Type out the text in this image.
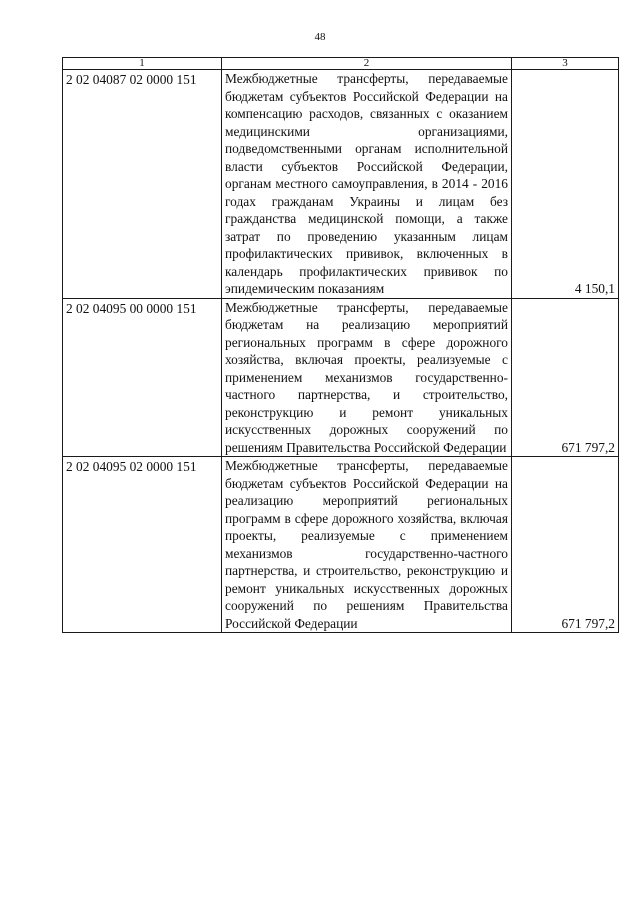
48
1	2	3
2 02 04087 02 0000 151	Межбюджетные трансферты, передаваемые бюджетам субъектов Российской Федерации на компенсацию расходов, связанных с оказанием медицинскими организациями, подведомственными органам исполнительной власти субъектов Российской Федерации, органам местного самоуправления, в 2014 - 2016 годах гражданам Украины и лицам без гражданства медицинской помощи, а также затрат по проведению указанным лицам профилактических прививок, включенных в календарь профилактических прививок по эпидемическим показаниям	4 150,1
2 02 04095 00 0000 151	Межбюджетные трансферты, передаваемые бюджетам на реализацию мероприятий региональных программ в сфере дорожного хозяйства, включая проекты, реализуемые с применением механизмов государственно-частного партнерства, и строительство, реконструкцию и ремонт уникальных искусственных дорожных сооружений по решениям Правительства Российской Федерации	671 797,2
2 02 04095 02 0000 151	Межбюджетные трансферты, передаваемые бюджетам субъектов Российской Федерации на реализацию мероприятий региональных программ в сфере дорожного хозяйства, включая проекты, реализуемые с применением механизмов государственно-частного партнерства, и строительство, реконструкцию и ремонт уникальных искусственных дорожных сооружений по решениям Правительства Российской Федерации	671 797,2
